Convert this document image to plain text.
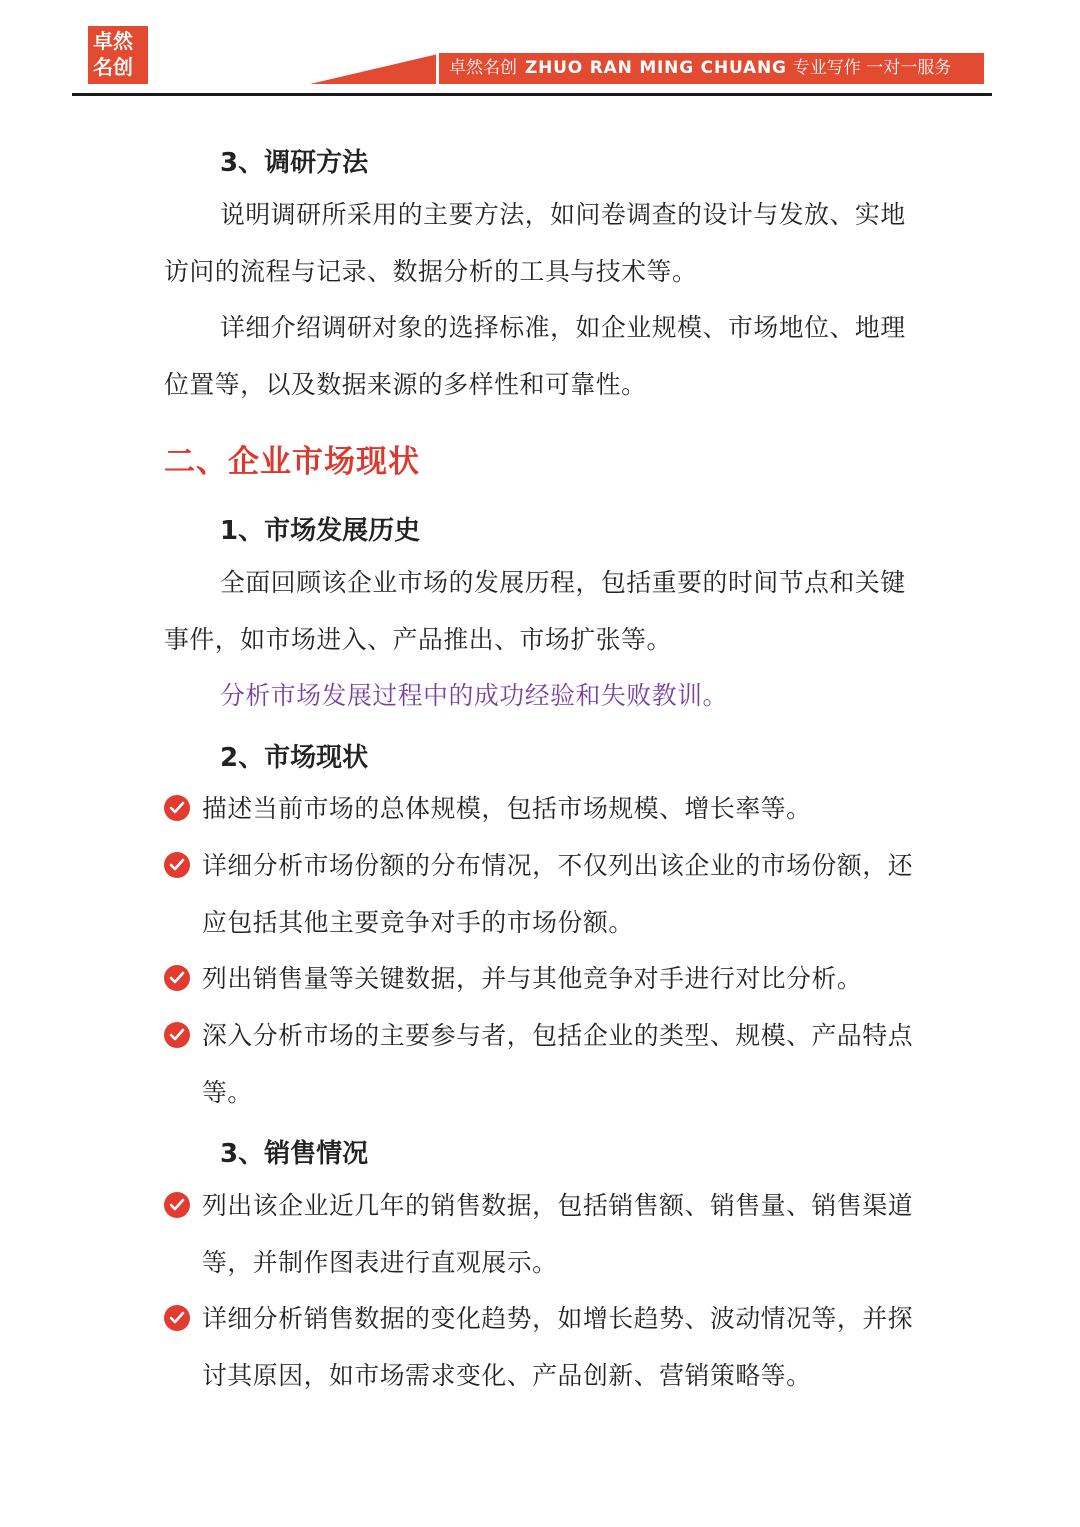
卓然
名创	卓然名创 ZHUO RAN MING CHUANG 专业写作 一对一服务
3、调研方法

说明调研所采用的主要方法，如问卷调查的设计与发放、实地访问的流程与记录、数据分析的工具与技术等。

详细介绍调研对象的选择标准，如企业规模、市场地位、地理位置等，以及数据来源的多样性和可靠性。

二、企业市场现状
1、市场发展历史

全面回顾该企业市场的发展历程，包括重要的时间节点和关键事件，如市场进入、产品推出、市场扩张等。

分析市场发展过程中的成功经验和失败教训。

2、市场现状

描述当前市场的总体规模，包括市场规模、增长率等。

详细分析市场份额的分布情况，不仅列出该企业的市场份额，还应包括其他主要竞争对手的市场份额。

列出销售量等关键数据，并与其他竞争对手进行对比分析。

深入分析市场的主要参与者，包括企业的类型、规模、产品特点等。

3、销售情况

列出该企业近几年的销售数据，包括销售额、销售量、销售渠道等，并制作图表进行直观展示。

详细分析销售数据的变化趋势，如增长趋势、波动情况等，并探讨其原因，如市场需求变化、产品创新、营销策略等。
